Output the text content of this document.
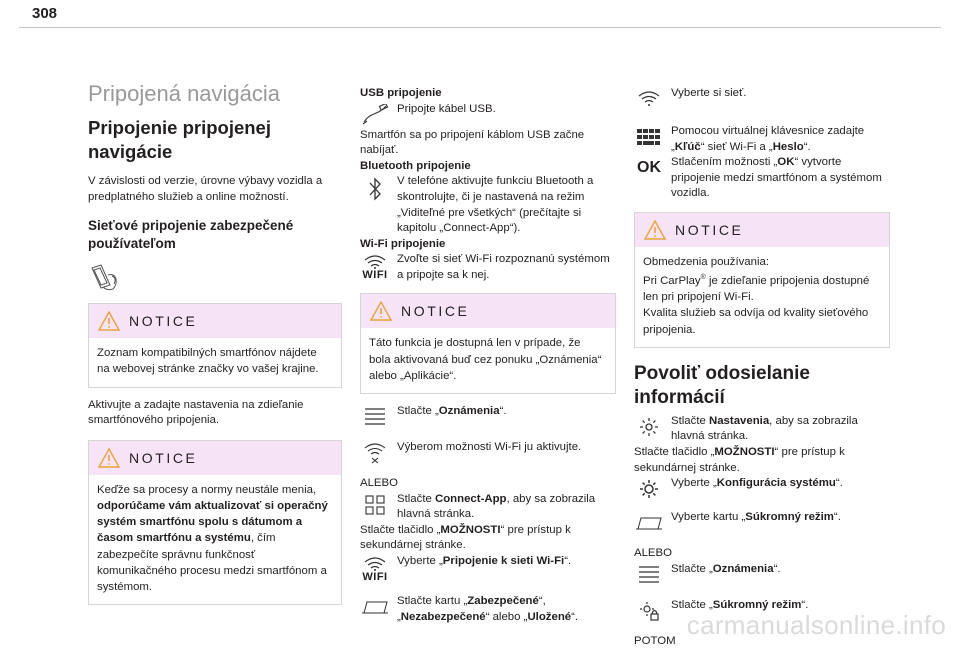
308
Pripojená navigácia
Pripojenie pripojenej navigácie
V závislosti od verzie, úrovne výbavy vozidla a predplatného služieb a online možností.
Sieťové pripojenie zabezpečené používateľom
NOTICE
Zoznam kompatibilných smartfónov nájdete na webovej stránke značky vo vašej krajine.
Aktivujte a zadajte nastavenia na zdieľanie smartfónového pripojenia.
NOTICE
Keďže sa procesy a normy neustále menia, odporúčame vám aktualizovať si operačný systém smartfónu spolu s dátumom a časom smartfónu a systému, čím zabezpečíte správnu funkčnosť komunikačného procesu medzi smartfónom a systémom.
USB pripojenie
Pripojte kábel USB.
Smartfón sa po pripojení káblom USB začne nabíjať.
Bluetooth pripojenie
V telefóne aktivujte funkciu Bluetooth a skontrolujte, či je nastavená na režim „Viditeľné pre všetkých“ (prečítajte si kapitolu „Connect-App“).
Wi-Fi pripojenie
WIFI
Zvoľte si sieť Wi-Fi rozpoznanú systémom a pripojte sa k nej.
NOTICE
Táto funkcia je dostupná len v prípade, že bola aktivovaná buď cez ponuku „Oznámenia“ alebo „Aplikácie“.
Stlačte „Oznámenia“.
Výberom možnosti Wi-Fi ju aktivujte.
ALEBO
Stlačte Connect-App, aby sa zobrazila hlavná stránka.
Stlačte tlačidlo „MOŽNOSTI“ pre prístup k sekundárnej stránke.
WIFI
Vyberte „Pripojenie k sieti Wi-Fi“.
Stlačte kartu „Zabezpečené“, „Nezabezpečené“ alebo „Uložené“.
Vyberte si sieť.
Pomocou virtuálnej klávesnice zadajte „Kľúč“ sieť Wi-Fi a „Heslo“.
OK Stlačením možnosti „OK“ vytvorte pripojenie medzi smartfónom a systémom vozidla.
NOTICE
Obmedzenia používania:
Pri CarPlay® je zdieľanie pripojenia dostupné len pri pripojení Wi-Fi.
Kvalita služieb sa odvíja od kvality sieťového pripojenia.
Povoliť odosielanie informácií
Stlačte Nastavenia, aby sa zobrazila hlavná stránka.
Stlačte tlačidlo „MOŽNOSTI“ pre prístup k sekundárnej stránke.
Vyberte „Konfigurácia systému“.
Vyberte kartu „Súkromný režim“.
ALEBO
Stlačte „Oznámenia“.
Stlačte „Súkromný režim“.
POTOM
carmanualsonline.info
